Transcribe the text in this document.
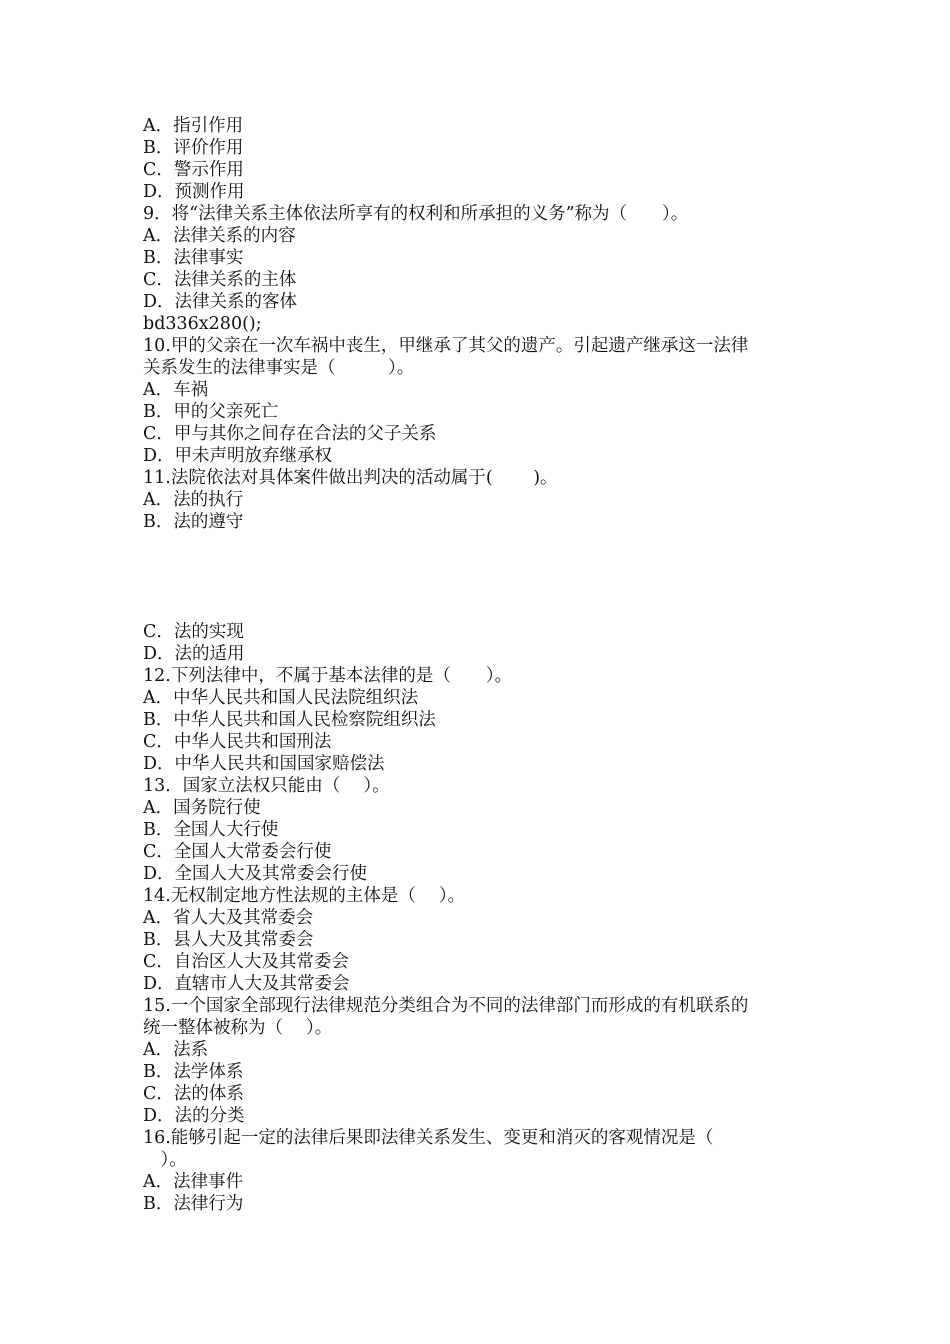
A．指引作用
B．评价作用
C．警示作用
D．预测作用
9．将“法律关系主体依法所享有的权利和所承担的义务”称为（　　）。
A．法律关系的内容
B．法律事实
C．法律关系的主体
D．法律关系的客体
bd336x280();
10.甲的父亲在一次车祸中丧生，甲继承了其父的遗产。引起遗产继承这一法律
关系发生的法律事实是（　　　）。
A．车祸
B．甲的父亲死亡
C．甲与其你之间存在合法的父子关系
D．甲未声明放弃继承权
11.法院依法对具体案件做出判决的活动属于(　　 )。
A．法的执行
B．法的遵守
C．法的实现
D．法的适用
12.下列法律中，不属于基本法律的是（　　）。
A．中华人民共和国人民法院组织法
B．中华人民共和国人民检察院组织法
C．中华人民共和国刑法
D．中华人民共和国国家赔偿法
13．国家立法权只能由（　 ）。
A．国务院行使
B．全国人大行使
C．全国人大常委会行使
D．全国人大及其常委会行使
14.无权制定地方性法规的主体是（　 ）。
A．省人大及其常委会
B．县人大及其常委会
C．自治区人大及其常委会
D．直辖市人大及其常委会
15.一个国家全部现行法律规范分类组合为不同的法律部门而形成的有机联系的
统一整体被称为（　 ）。
A．法系
B．法学体系
C．法的体系
D．法的分类
16.能够引起一定的法律后果即法律关系发生、变更和消灭的客观情况是（
　）。
A．法律事件
B．法律行为
